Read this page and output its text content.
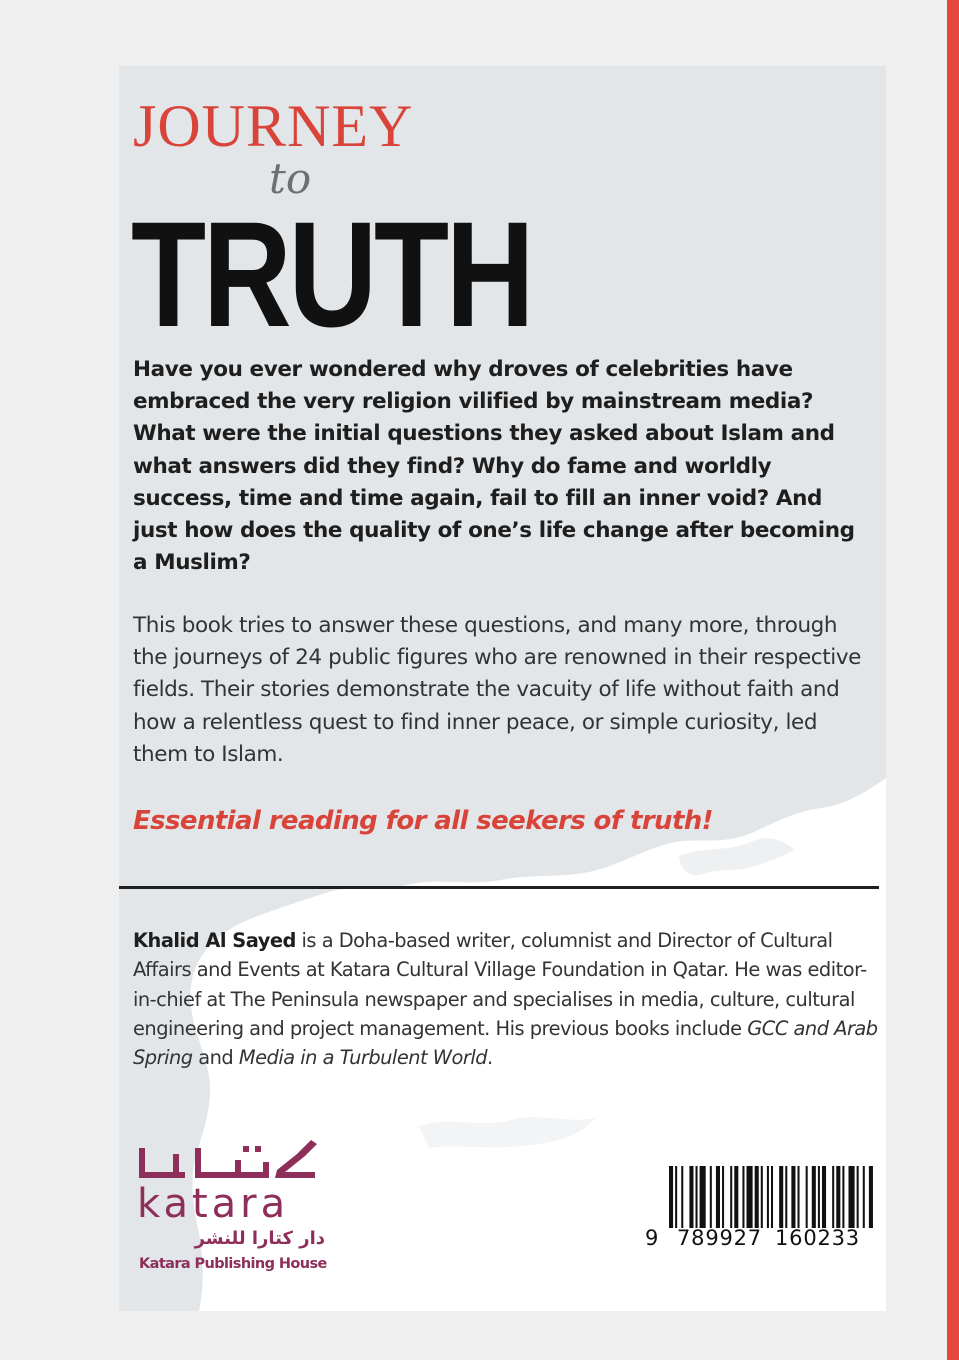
JOURNEY
to
TRUTH

Have you ever wondered why droves of celebrities have embraced the very religion vilified by mainstream media? What were the initial questions they asked about Islam and what answers did they find? Why do fame and worldly success, time and time again, fail to fill an inner void? And just how does the quality of one’s life change after becoming a Muslim?

This book tries to answer these questions, and many more, through the journeys of 24 public figures who are renowned in their respective fields. Their stories demonstrate the vacuity of life without faith and how a relentless quest to find inner peace, or simple curiosity, led them to Islam.

Essential reading for all seekers of truth!

Khalid Al Sayed is a Doha-based writer, columnist and Director of Cultural Affairs and Events at Katara Cultural Village Foundation in Qatar. He was editor-in-chief at The Peninsula newspaper and specialises in media, culture, cultural engineering and project management. His previous books include GCC and Arab Spring and Media in a Turbulent World.

katara
دار كتارا للنشر
Katara Publishing House
9 789927 160233
